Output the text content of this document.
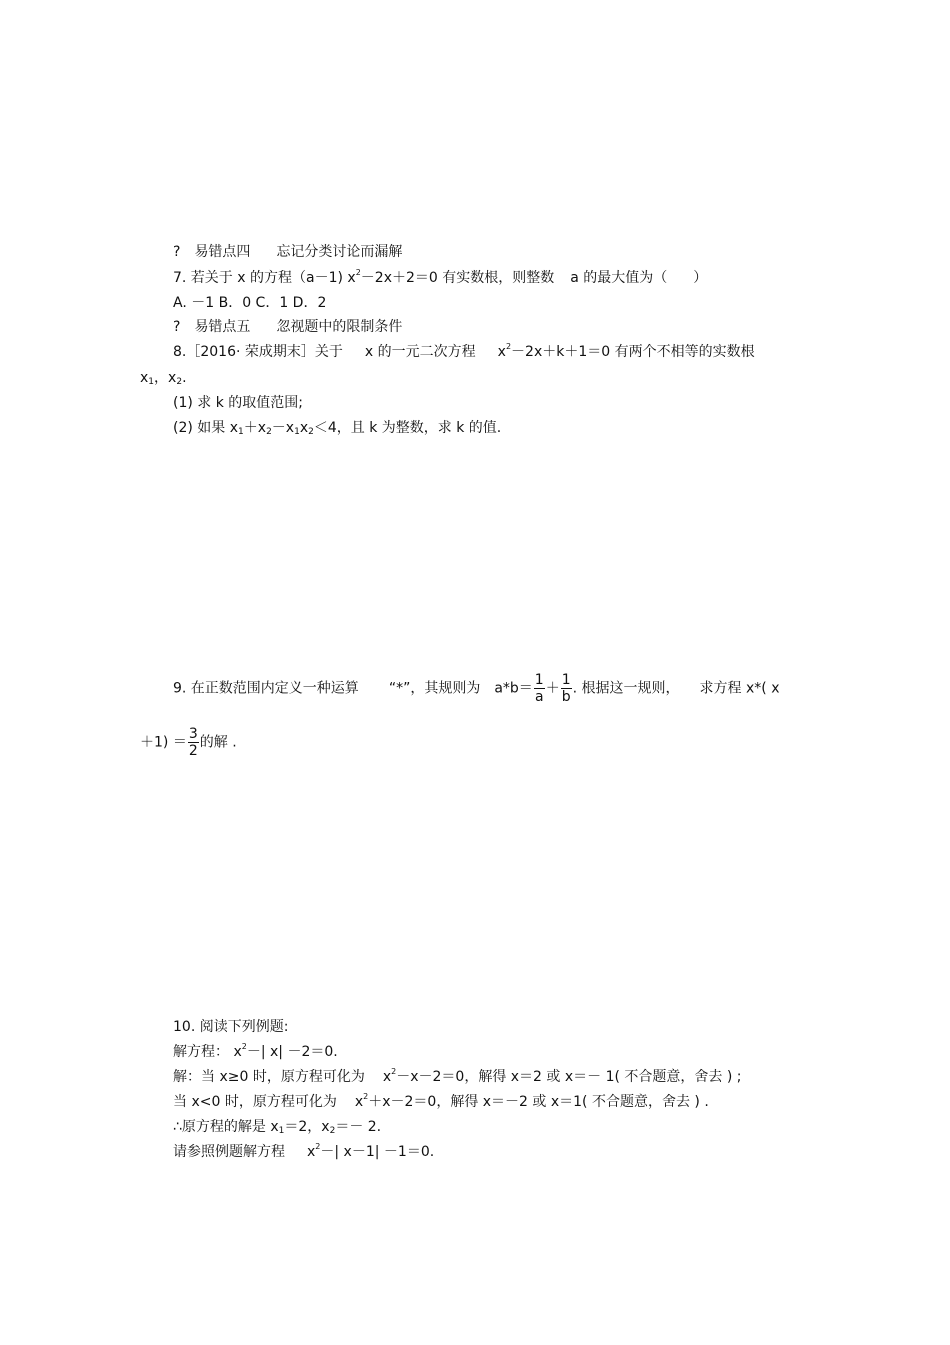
? 易错点四 忘记分类讨论而漏解
7. 若关于 x 的方程（a－1) $x^2-2x+2=0$ 有实数根，则整数 a 的最大值为（ ）
A. －1 B．0 C．1 D．2
? 易错点五 忽视题中的限制条件
8.［2016· 荣成期末］关于 x 的一元二次方程 $x^2-2x+k+1=0$ 有两个不相等的实数根
$x_1$，$x_2$.
(1) 求 k 的取值范围;
(2) 如果 $x_1+x_2-x_1x_2<4$，且 k 为整数，求 k 的值.
9. 在正数范围内定义一种运算 “*”，其规则为 $a*b= \frac{1}{a} + \frac{1}{b}$ . 根据这一规则， 求方程 x*( x
$+1) = \frac{3}{2}$ 的解 .
10. 阅读下列例题:
解方程： $x^2-|$ x| －2＝0.
解：当 x≥0 时，原方程可化为 $x^2-x-2=0$，解得 x＝2 或 x＝－ 1( 不合题意，舍去 ) ;
当 x<0 时，原方程可化为 $x^2+x-2=0$，解得 x＝－2 或 x＝1( 不合题意，舍去 ) .
∴原方程的解是 $x_1=2$，$x_2=- 2$.
请参照例题解方程 $x^2-|$ x－1| －1＝0.
